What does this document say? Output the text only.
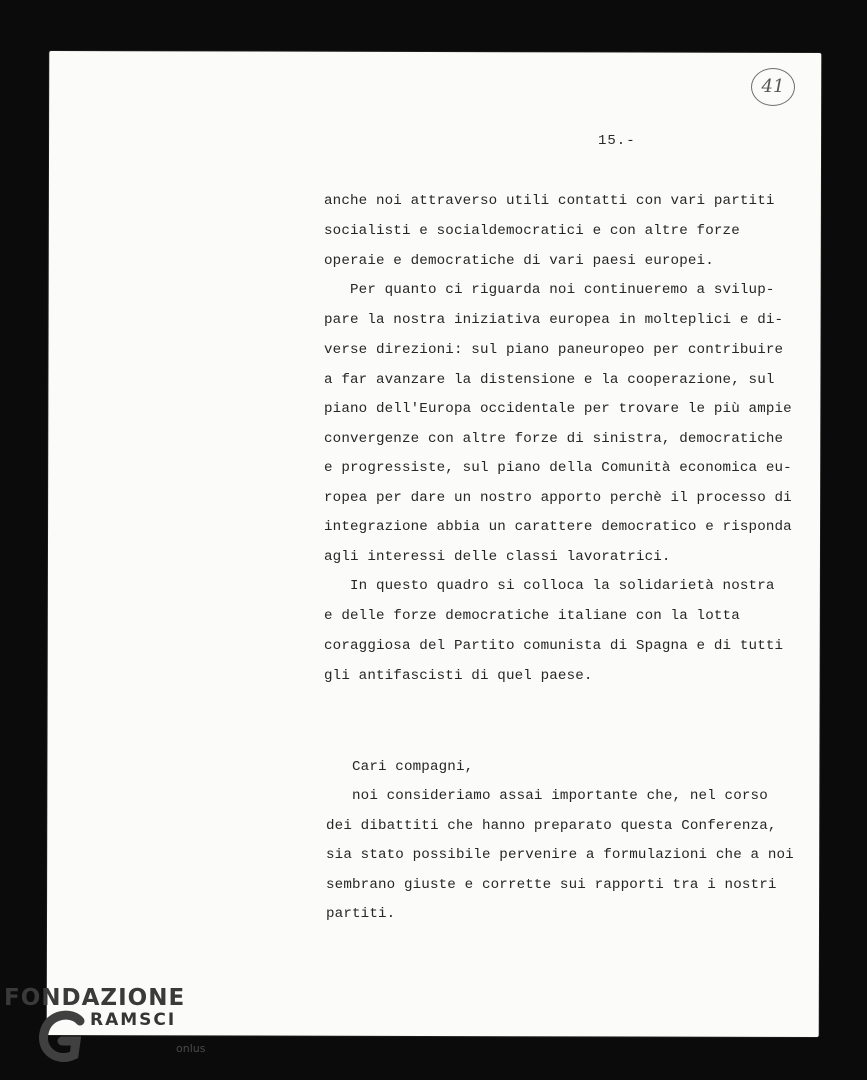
41
15.-
anche noi attraverso utili contatti con vari partiti
socialisti e socialdemocratici e con altre forze
operaie e democratiche di vari paesi europei.
Per quanto ci riguarda noi continueremo a svilup-
pare la nostra iniziativa europea in molteplici e di-
verse direzioni: sul piano paneuropeo per contribuire
a far avanzare la distensione e la cooperazione, sul
piano dell'Europa occidentale per trovare le più ampie
convergenze con altre forze di sinistra, democratiche
e progressiste, sul piano della Comunità economica eu-
ropea per dare un nostro apporto perchè il processo di
integrazione abbia un carattere democratico e risponda
agli interessi delle classi lavoratrici.
In questo quadro si colloca la solidarietà nostra
e delle forze democratiche italiane con la lotta
coraggiosa del Partito comunista di Spagna e di tutti
gli antifascisti di quel paese.
Cari compagni,
noi consideriamo assai importante che, nel corso
dei dibattiti che hanno preparato questa Conferenza,
sia stato possibile pervenire a formulazioni che a noi
sembrano giuste e corrette sui rapporti tra i nostri
partiti.
FONDAZIONE
RAMSCI
onlus
